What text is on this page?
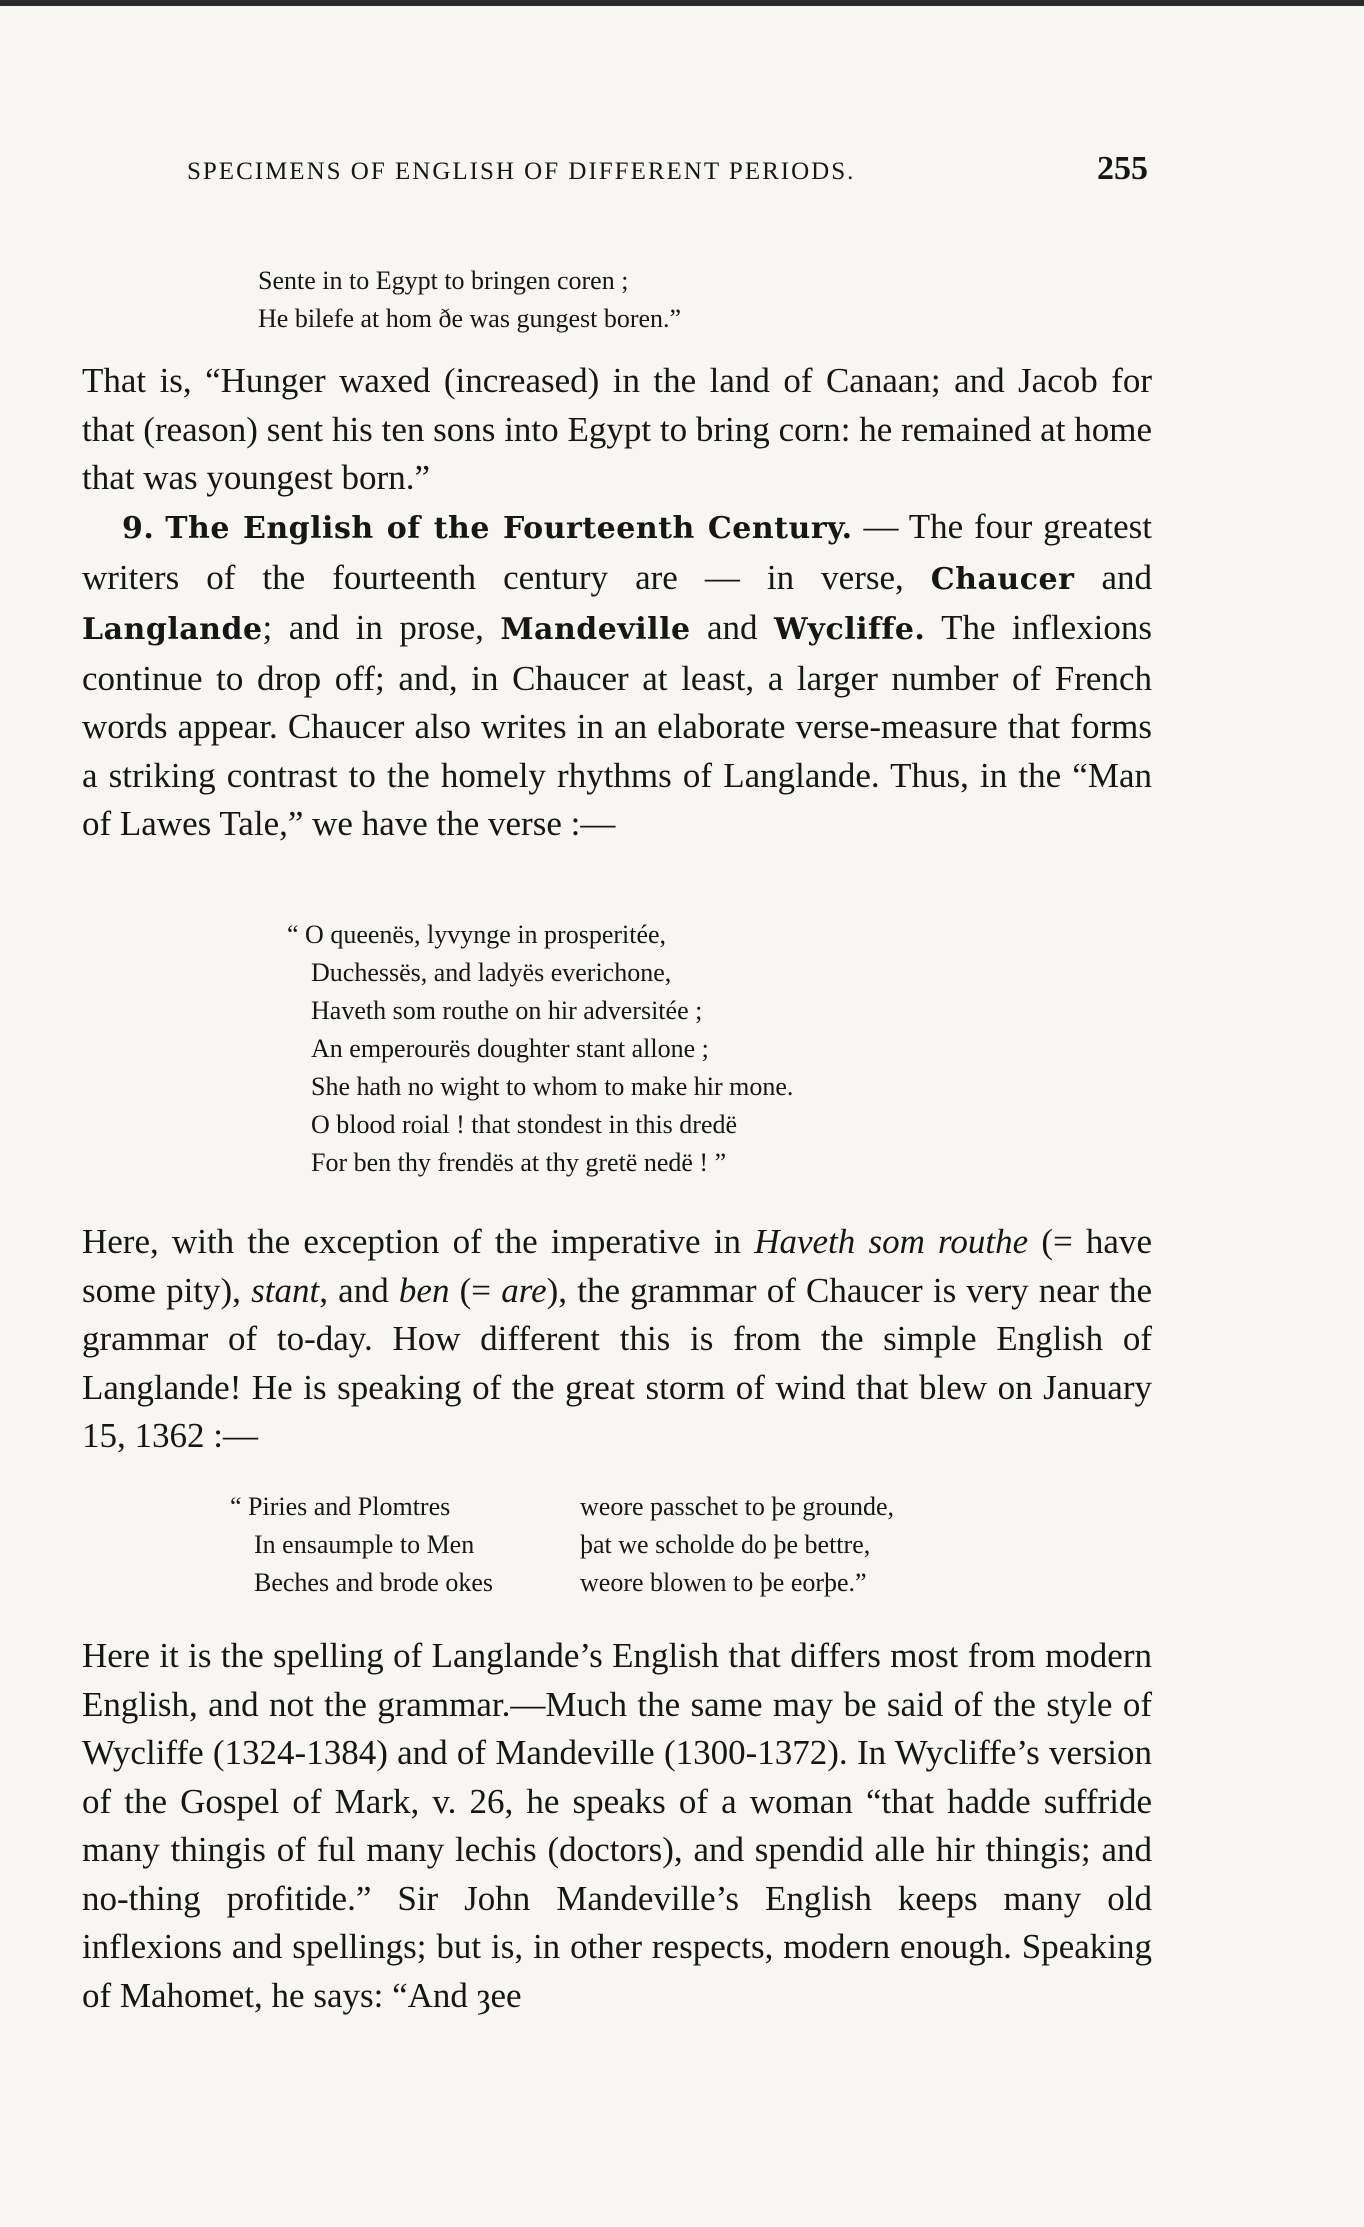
SPECIMENS OF ENGLISH OF DIFFERENT PERIODS.	255
Sente in to Egypt to bringen coren ;
He bilefe at hom ðe was gungest boren.”

That is, “Hunger waxed (increased) in the land of Canaan; and Jacob for that (reason) sent his ten sons into Egypt to bring corn: he remained at home that was youngest born.”

9. The English of the Fourteenth Century. — The four greatest writers of the fourteenth century are — in verse, Chaucer and Langlande; and in prose, Mandeville and Wycliffe. The inflexions continue to drop off; and, in Chaucer at least, a larger number of French words appear. Chaucer also writes in an elaborate verse-measure that forms a striking contrast to the homely rhythms of Langlande. Thus, in the “Man of Lawes Tale,” we have the verse :—

“ O queenës, lyvynge in prosperitée,
Duchessës, and ladyës everichone,
Haveth som routhe on hir adversitée ;
An emperourës doughter stant allone ;
She hath no wight to whom to make hir mone.
O blood roial ! that stondest in this dredë
For ben thy frendës at thy gretë nedë ! ”

Here, with the exception of the imperative in Haveth som routhe (= have some pity), stant, and ben (= are), the grammar of Chaucer is very near the grammar of to-day. How different this is from the simple English of Langlande! He is speaking of the great storm of wind that blew on January 15, 1362 :—

“ Piries and Plomtres	weore passchet to þe grounde,
In ensaumple to Men	þat we scholde do þe bettre,
Beches and brode okes	weore blowen to þe eorþe.”

Here it is the spelling of Langlande’s English that differs most from modern English, and not the grammar.—Much the same may be said of the style of Wycliffe (1324-1384) and of Mandeville (1300-1372). In Wycliffe’s version of the Gospel of Mark, v. 26, he speaks of a woman “that hadde suffride many thingis of ful many lechis (doctors), and spendid alle hir thingis; and no-thing profitide.” Sir John Mandeville’s English keeps many old inflexions and spellings; but is, in other respects, modern enough. Speaking of Mahomet, he says: “And ȝee
